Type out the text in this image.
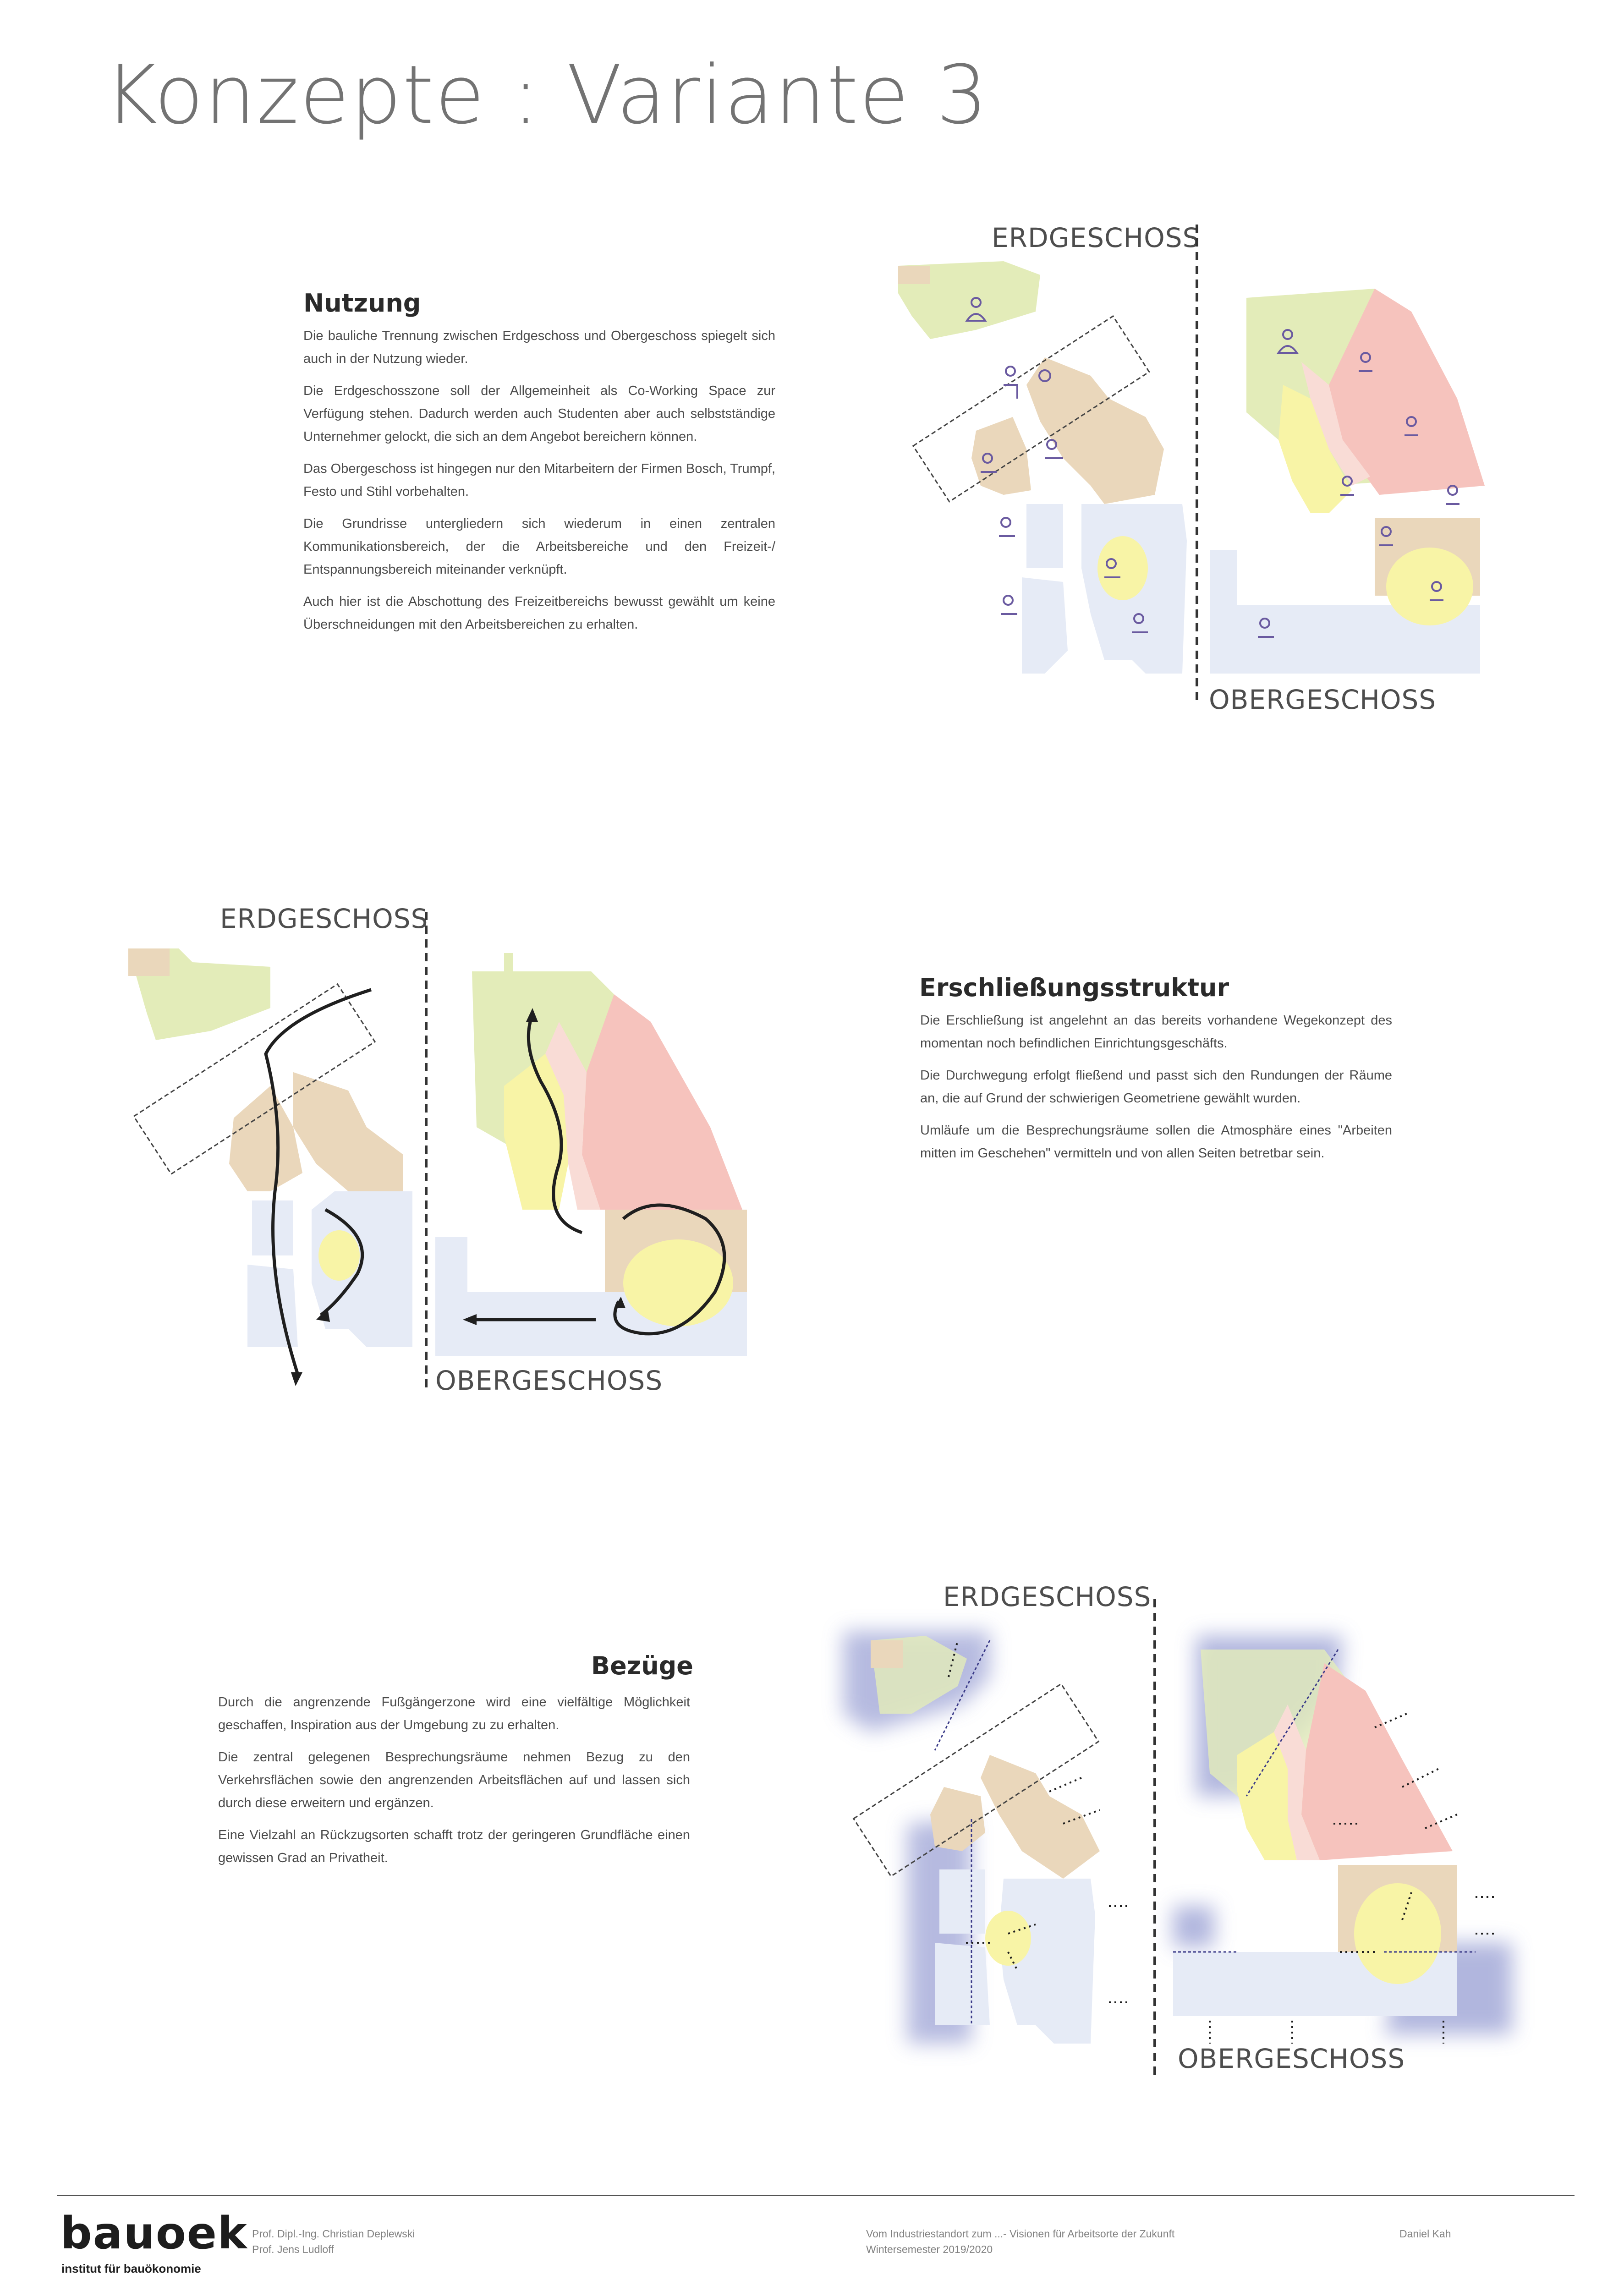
Konzepte : Variante 3
Nutzung

Die bauliche Trennung zwischen Erdgeschoss und Obergeschoss spiegelt sich auch in der Nutzung wieder.

Die Erdgeschosszone soll der Allgemeinheit als Co-Working Space zur Verfügung stehen. Dadurch werden auch Studenten aber auch selbstständige Unternehmer gelockt, die sich an dem Angebot bereichern können.

Das Obergeschoss ist hingegen nur den Mitarbeitern der Firmen Bosch, Trumpf, Festo und Stihl vorbehalten.

Die Grundrisse untergliedern sich wiederum in einen zentralen Kommunikationsbereich, der die Arbeitsbereiche und den Freizeit-/ Entspannungsbereich miteinander verknüpft.

Auch hier ist die Abschottung des Freizeitbereichs bewusst gewählt um keine Überschneidungen mit den Arbeitsbereichen zu erhalten.

ERDGESCHOSS
OBERGESCHOSS
ERDGESCHOSS
OBERGESCHOSS
Erschließungsstruktur

Die Erschließung ist angelehnt an das bereits vorhandene Wegekonzept des momentan noch befindlichen Einrichtungsgeschäfts.

Die Durchwegung erfolgt fließend und passt sich den Rundungen der Räume an, die auf Grund der schwierigen Geometriene gewählt wurden.

Umläufe um die Besprechungsräume sollen die Atmosphäre eines "Arbeiten mitten im Geschehen" vermitteln und von allen Seiten betretbar sein.

Bezüge

Durch die angrenzende Fußgängerzone wird eine vielfältige Möglichkeit geschaffen, Inspiration aus der Umgebung zu zu erhalten.

Die zentral gelegenen Besprechungsräume nehmen Bezug zu den Verkehrsflächen sowie den angrenzenden Arbeitsflächen auf und lassen sich durch diese erweitern und ergänzen.

Eine Vielzahl an Rückzugsorten schafft trotz der geringeren Grundfläche einen gewissen Grad an Privatheit.

ERDGESCHOSS
OBERGESCHOSS
bauoek
institut für bauökonomie
Prof. Dipl.-Ing. Christian Deplewski
Prof. Jens Ludloff
Vom Industriestandort zum ...- Visionen für Arbeitsorte der Zukunft
Wintersemester 2019/2020
Daniel Kah
